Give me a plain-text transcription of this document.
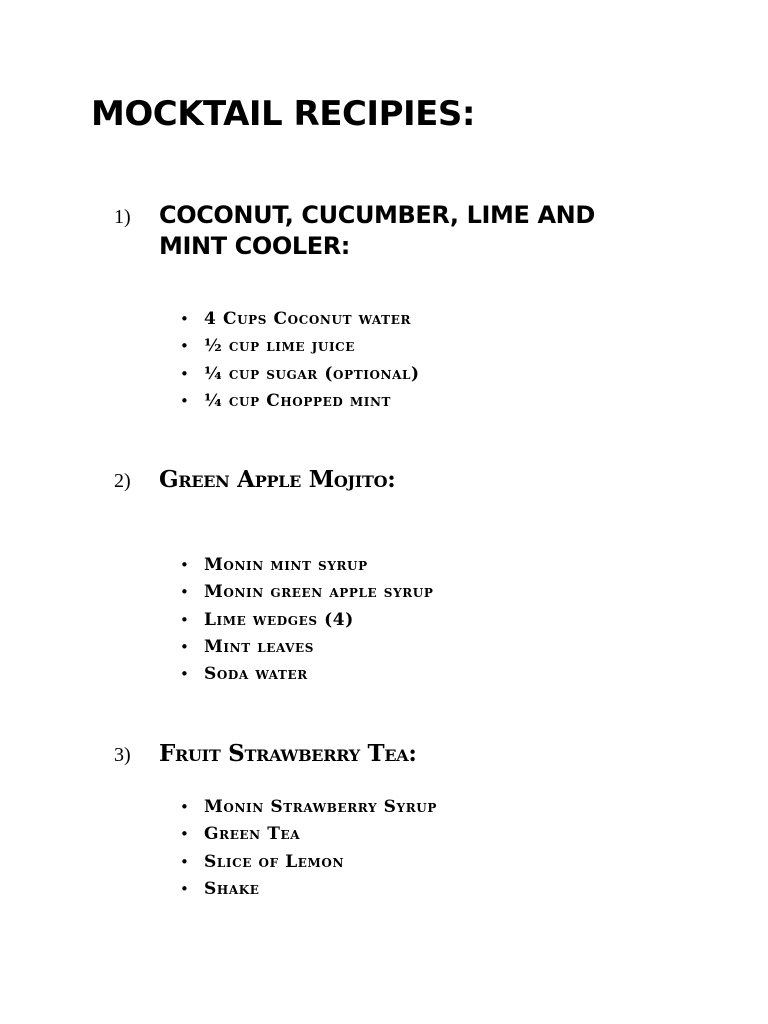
MOCKTAIL RECIPIES:
1) COCONUT, CUCUMBER, LIME AND
MINT COOLER:
• 4 Cups Coconut water
• ½ cup lime juice
• ¼ cup sugar (optional)
• ¼ cup Chopped mint
2) Green Apple Mojito:
• Monin mint syrup
• Monin green apple syrup
• Lime wedges (4)
• Mint leaves
• Soda water
3) Fruit Strawberry Tea:
• Monin Strawberry Syrup
• Green Tea
• Slice of Lemon
• Shake
